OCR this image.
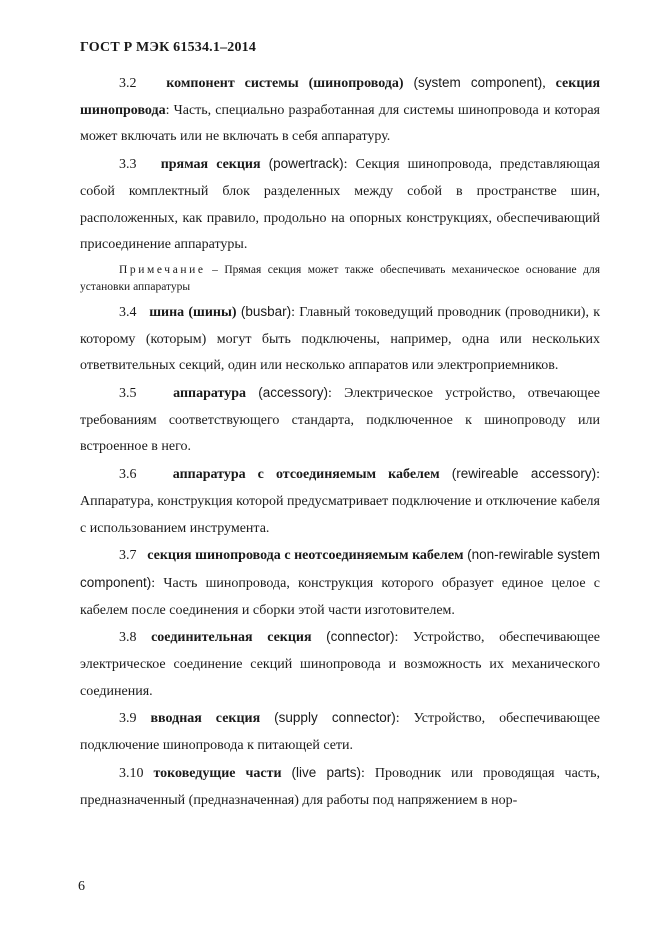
ГОСТ Р МЭК 61534.1–2014

3.2 компонент системы (шинопровода) (system component), секция шинопровода: Часть, специально разработанная для системы шинопровода и которая может включать или не включать в себя аппаратуру.

3.3 прямая секция (powertrack): Секция шинопровода, представляющая собой комплектный блок разделенных между собой в пространстве шин, расположенных, как правило, продольно на опорных конструкциях, обеспечивающий присоединение аппаратуры.

Примечание – Прямая секция может также обеспечивать механическое основание для установки аппаратуры

3.4 шина (шины) (busbar): Главный токоведущий проводник (проводники), к которому (которым) могут быть подключены, например, одна или нескольких ответвительных секций, один или несколько аппаратов или электроприемников.

3.5	аппаратура (accessory): Электрическое устройство, отвечающее требованиям соответствующего стандарта, подключенное к шинопроводу или встроенное в него.

3.6	аппаратура с отсоединяемым кабелем (rewireable accessory): Аппаратура, конструкция которой предусматривает подключение и отключение кабеля с использованием инструмента.

3.7 секция шинопровода с неотсоединяемым кабелем (non-rewirable system component): Часть шинопровода, конструкция которого образует единое целое с кабелем после соединения и сборки этой части изготовителем.

3.8 соединительная секция (connector): Устройство, обеспечивающее электрическое соединение секций шинопровода и возможность их механического соединения.

3.9 вводная секция (supply connector): Устройство, обеспечивающее подключение шинопровода к питающей сети.

3.10 токоведущие части (live parts): Проводник или проводящая часть, предназначенный (предназначенная) для работы под напряжением в нор-

6
